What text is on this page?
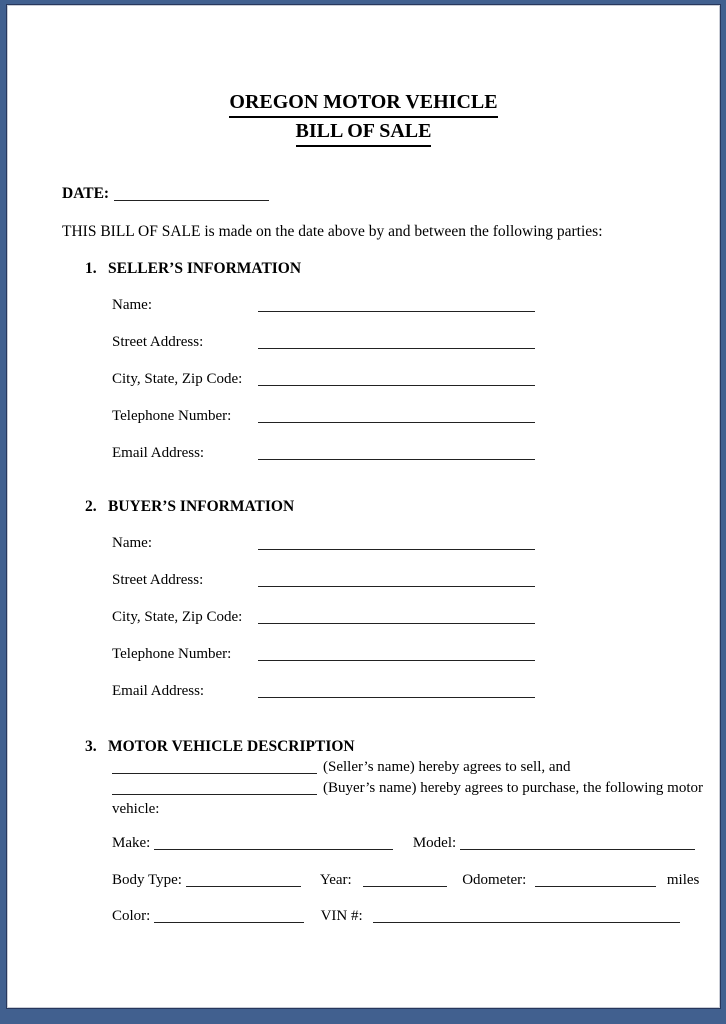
OREGON MOTOR VEHICLE
BILL OF SALE
DATE:

THIS BILL OF SALE is made on the date above by and between the following parties:

1. SELLER’S INFORMATION
Name:
Street Address:
City, State, Zip Code:
Telephone Number:
Email Address:
2. BUYER’S INFORMATION
Name:
Street Address:
City, State, Zip Code:
Telephone Number:
Email Address:
3. MOTOR VEHICLE DESCRIPTION
(Seller’s name) hereby agrees to sell, and
(Buyer’s name) hereby agrees to purchase, the following motor vehicle:
Make:	Model:
Body Type:	Year:	Odometer:	miles
Color:	VIN #:
